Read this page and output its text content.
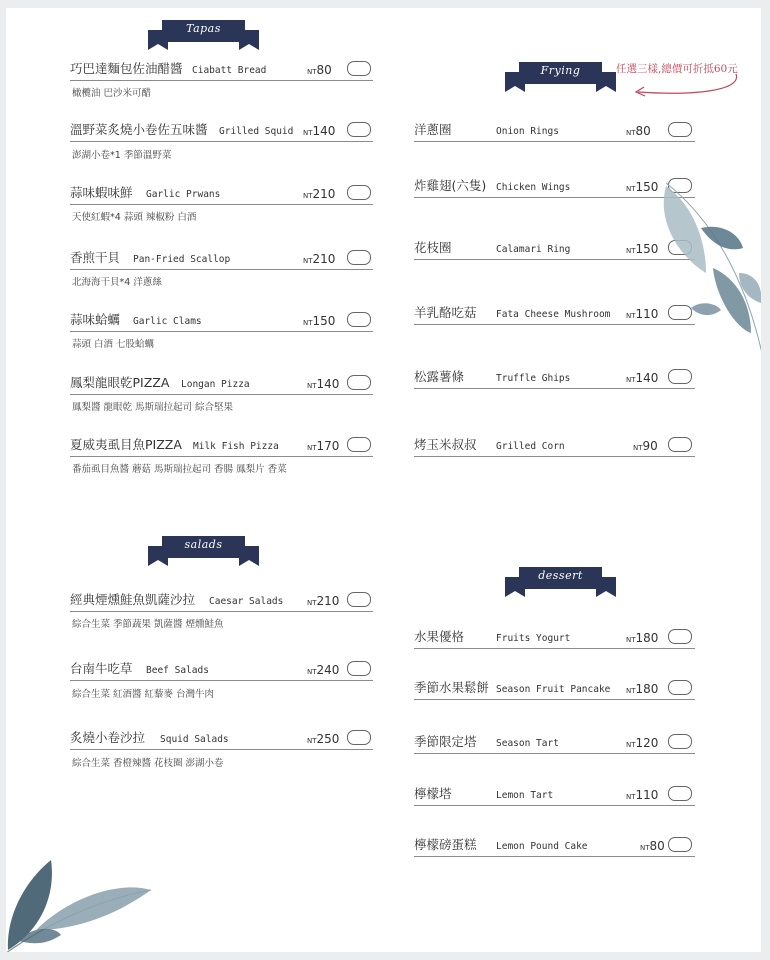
Tapas
Frying	任選三樣,總價可折抵60元
salads
dessert
巧巴達麵包佐油醋醬 Ciabatt Bread	NT80
橄欖油 巴沙米可醋
溫野菜炙燒小卷佐五味醬 Grilled Squid NT140
澎湖小卷*1 季節溫野菜
蒜味蝦味鮮 Garlic Prwans	NT210
天使紅蝦*4 蒜頭 辣椒粉 白酒
香煎干貝 Pan-Fried Scallop	NT210
北海海干貝*4 洋蔥絲
蒜味蛤蠣 Garlic Clams	NT150
蒜頭 白酒 七股蛤蠣
鳳梨龍眼乾PIZZA Longan Pizza	NT140
鳳梨醬 龍眼乾 馬斯瑞拉起司 綜合堅果
夏威夷虱目魚PIZZA Milk Fish Pizza	NT170
番茄虱目魚醬 蘑菇 馬斯瑞拉起司 香腸 鳳梨片 香菜
洋蔥圈	Onion Rings	NT80
炸雞翅(六隻) Chicken Wings	NT150
花枝圈	Calamari Ring	NT150
羊乳酪吃菇 Fata Cheese Mushroom NT110
松露薯條	Truffle Ghips	NT140
烤玉米叔叔 Grilled Corn	NT90
經典煙燻鮭魚凱薩沙拉 Caesar Salads	NT210
綜合生菜 季節蔬果 凱薩醬 煙燻鮭魚
台南牛吃草 Beef Salads	NT240
綜合生菜 紅酒醬 紅藜麥 台灣牛肉
炙燒小卷沙拉 Squid Salads	NT250
綜合生菜 香橙辣醬 花枝圈 澎湖小卷
水果優格	Fruits Yogurt	NT180
季節水果鬆餅 Season Fruit Pancake NT180
季節限定塔 Season Tart	NT120
檸檬塔	Lemon Tart	NT110
檸檬磅蛋糕 Lemon Pound Cake	NT80
